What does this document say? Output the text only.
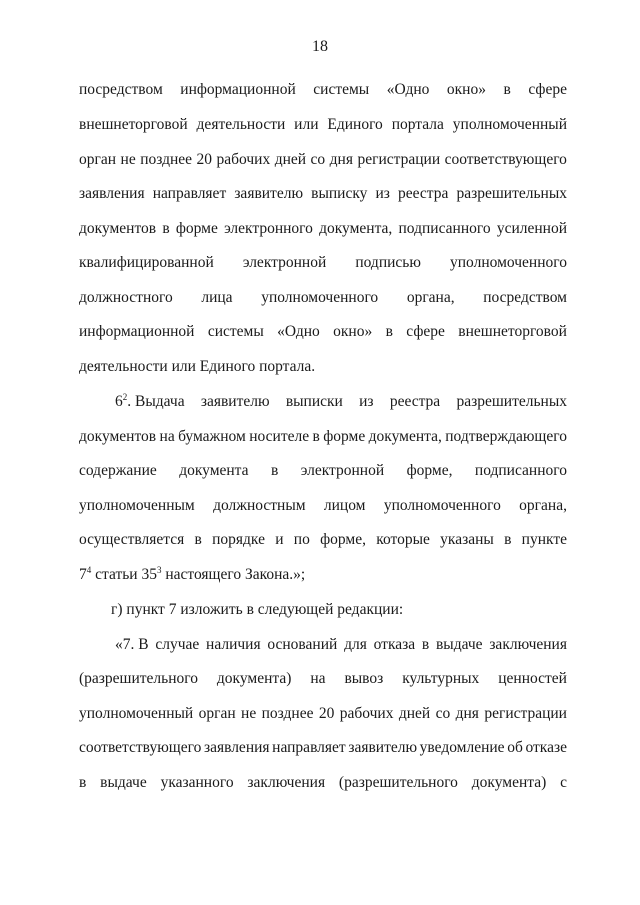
18
посредством информационной системы «Одно окно» в сфере
внешнеторговой деятельности или Единого портала уполномоченный
орган не позднее 20 рабочих дней со дня регистрации соответствующего
заявления направляет заявителю выписку из реестра разрешительных
документов в форме электронного документа, подписанного усиленной
квалифицированной электронной подписью уполномоченного
должностного лица уполномоченного органа, посредством
информационной системы «Одно окно» в сфере внешнеторговой
деятельности или Единого портала.
$6^2$. Выдача заявителю выписки из реестра разрешительных
документов на бумажном носителе в форме документа, подтверждающего
содержание документа в электронной форме, подписанного
уполномоченным должностным лицом уполномоченного органа,
осуществляется в порядке и по форме, которые указаны в пункте
$7^4$ статьи $35^3$ настоящего Закона.»;
г) пункт 7 изложить в следующей редакции:
«7. В случае наличия оснований для отказа в выдаче заключения
(разрешительного документа) на вывоз культурных ценностей
уполномоченный орган не позднее 20 рабочих дней со дня регистрации
соответствующего заявления направляет заявителю уведомление об отказе
в выдаче указанного заключения (разрешительного документа) с
